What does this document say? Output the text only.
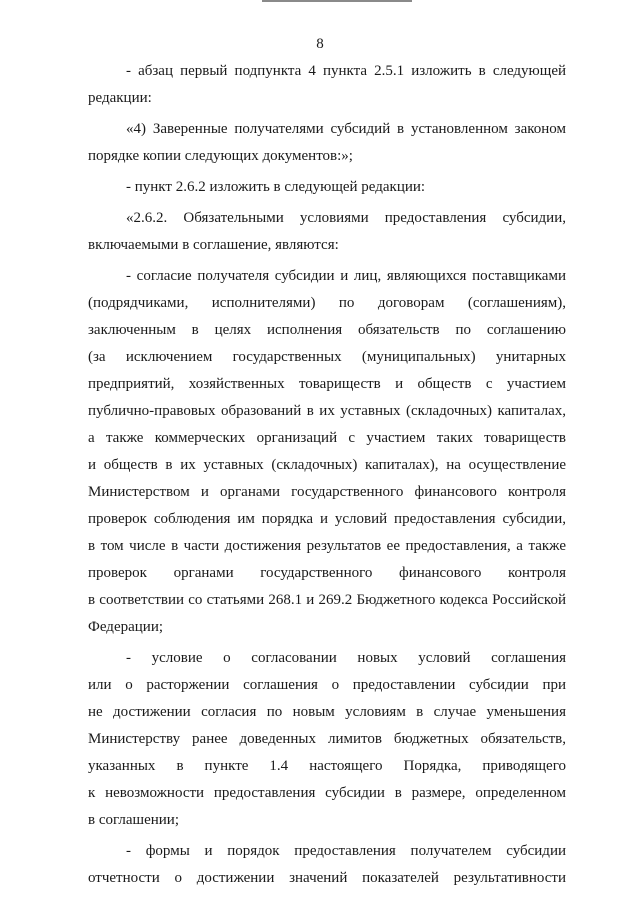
8
- абзац первый подпункта 4 пункта 2.5.1 изложить в следующей
редакции:
«4) Заверенные получателями субсидий в установленном законом
порядке копии следующих документов:»;
- пункт 2.6.2 изложить в следующей редакции:
«2.6.2. Обязательными условиями предоставления субсидии,
включаемыми в соглашение, являются:
- согласие получателя субсидии и лиц, являющихся поставщиками
(подрядчиками, исполнителями) по договорам (соглашениям),
заключенным в целях исполнения обязательств по соглашению
(за исключением государственных (муниципальных) унитарных
предприятий, хозяйственных товариществ и обществ с участием
публично-правовых образований в их уставных (складочных) капиталах,
а также коммерческих организаций с участием таких товариществ
и обществ в их уставных (складочных) капиталах), на осуществление
Министерством и органами государственного финансового контроля
проверок соблюдения им порядка и условий предоставления субсидии,
в том числе в части достижения результатов ее предоставления, а также
проверок органами государственного финансового контроля
в соответствии со статьями 268.1 и 269.2 Бюджетного кодекса Российской
Федерации;
- условие о согласовании новых условий соглашения
или о расторжении соглашения о предоставлении субсидии при
не достижении согласия по новым условиям в случае уменьшения
Министерству ранее доведенных лимитов бюджетных обязательств,
указанных в пункте 1.4 настоящего Порядка, приводящего
к невозможности предоставления субсидии в размере, определенном
в соглашении;
- формы и порядок предоставления получателем субсидии
отчетности о достижении значений показателей результативности
